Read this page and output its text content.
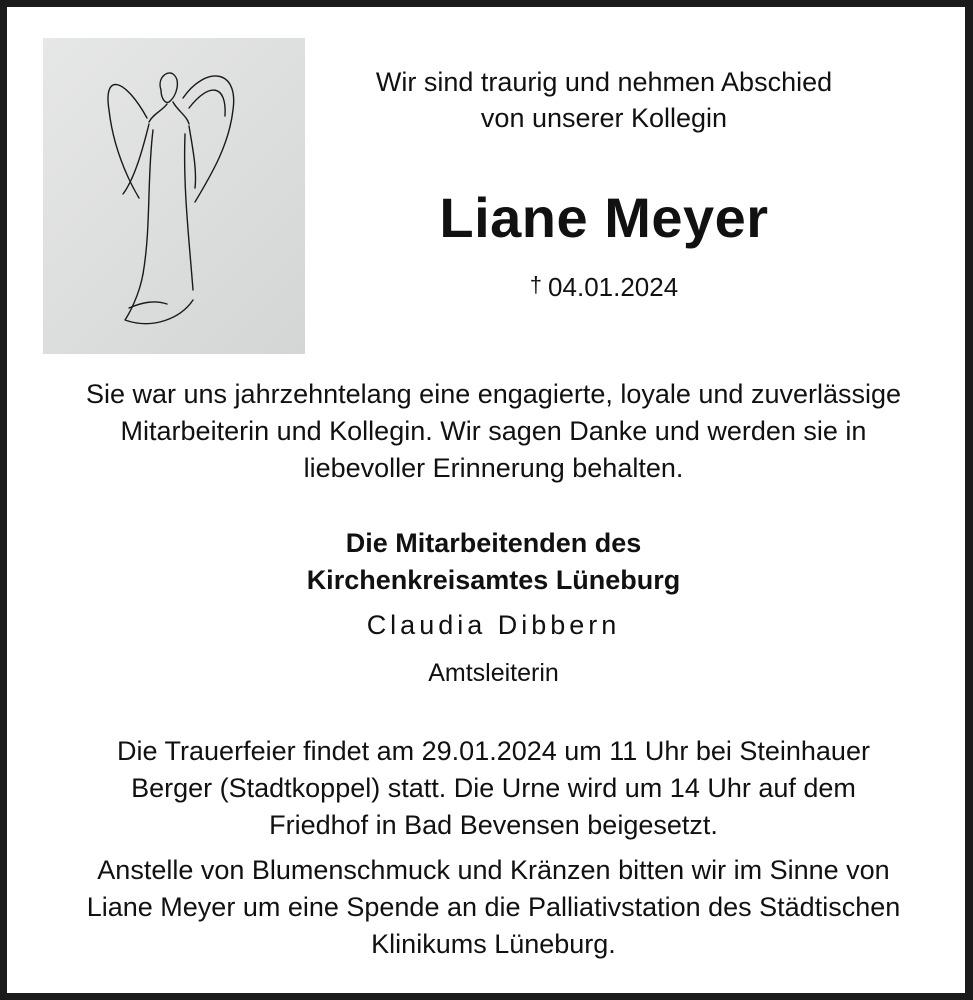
Wir sind traurig und nehmen Abschied
von unserer Kollegin
Liane Meyer
† 04.01.2024
Sie war uns jahrzehntelang eine engagierte, loyale und zuverlässige
Mitarbeiterin und Kollegin. Wir sagen Danke und werden sie in
liebevoller Erinnerung behalten.
Die Mitarbeitenden des
Kirchenkreisamtes Lüneburg
Claudia Dibbern
Amtsleiterin
Die Trauerfeier findet am 29.01.2024 um 11 Uhr bei Steinhauer
Berger (Stadtkoppel) statt. Die Urne wird um 14 Uhr auf dem
Friedhof in Bad Bevensen beigesetzt.
Anstelle von Blumenschmuck und Kränzen bitten wir im Sinne von
Liane Meyer um eine Spende an die Palliativstation des Städtischen
Klinikums Lüneburg.
